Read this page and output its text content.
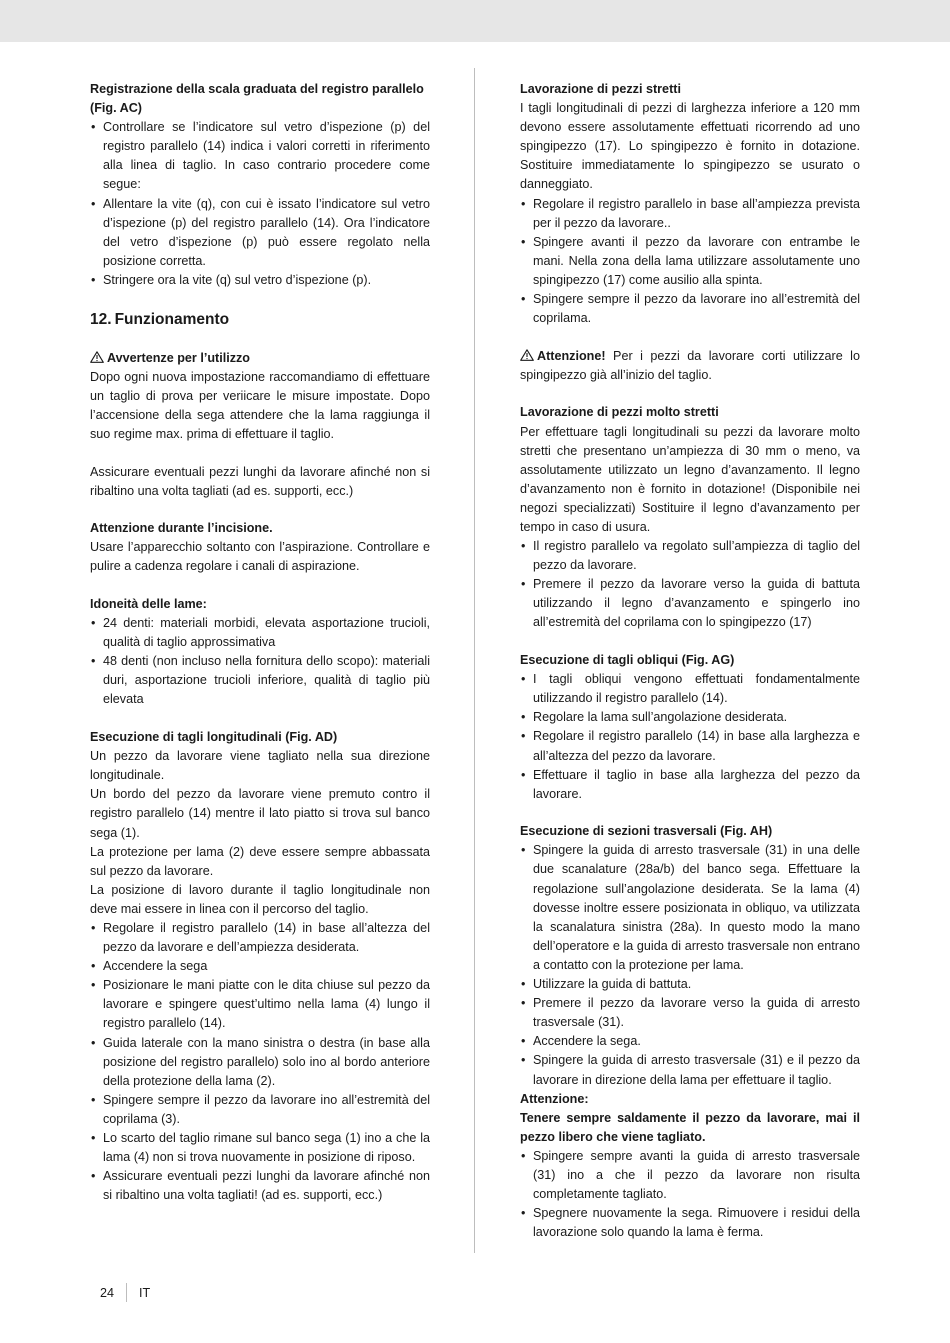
Registrazione della scala graduata del registro parallelo (Fig. AC)
• Controllare se l’indicatore sul vetro d’ispezione (p) del registro parallelo (14) indica i valori corretti in riferimento alla linea di taglio. In caso contrario procedere come segue:
• Allentare la vite (q), con cui è issato l’indicatore sul vetro d’ispezione (p) del registro parallelo (14). Ora l’indicatore del vetro d’ispezione (p) può essere regolato nella posizione corretta.
• Stringere ora la vite (q) sul vetro d’ispezione (p).
12. Funzionamento
Avvertenze per l’utilizzo

Dopo ogni nuova impostazione raccomandiamo di effettuare un taglio di prova per veriicare le misure impostate. Dopo l’accensione della sega attendere che la lama raggiunga il suo regime max. prima di effettuare il taglio.

Assicurare eventuali pezzi lunghi da lavorare afinché non si ribaltino una volta tagliati (ad es. supporti, ecc.)

Attenzione durante l’incisione.

Usare l’apparecchio soltanto con l’aspirazione. Controllare e pulire a cadenza regolare i canali di aspirazione.

Idoneità delle lame:
• 24 denti: materiali morbidi, elevata asportazione trucioli, qualità di taglio approssimativa
• 48 denti (non incluso nella fornitura dello scopo): materiali duri, asportazione trucioli inferiore, qualità di taglio più elevata
Esecuzione di tagli longitudinali (Fig. AD)

Un pezzo da lavorare viene tagliato nella sua direzione longitudinale.

Un bordo del pezzo da lavorare viene premuto contro il registro parallelo (14) mentre il lato piatto si trova sul banco sega (1).

La protezione per lama (2) deve essere sempre abbassata sul pezzo da lavorare.

La posizione di lavoro durante il taglio longitudinale non deve mai essere in linea con il percorso del taglio.

• Regolare il registro parallelo (14) in base all’altezza del pezzo da lavorare e dell’ampiezza desiderata.
• Accendere la sega
• Posizionare le mani piatte con le dita chiuse sul pezzo da lavorare e spingere quest’ultimo nella lama (4) lungo il registro parallelo (14).
• Guida laterale con la mano sinistra o destra (in base alla posizione del registro parallelo) solo ino al bordo anteriore della protezione della lama (2).
• Spingere sempre il pezzo da lavorare ino all’estremità del coprilama (3).
• Lo scarto del taglio rimane sul banco sega (1) ino a che la lama (4) non si trova nuovamente in posizione di riposo.
• Assicurare eventuali pezzi lunghi da lavorare afinché non si ribaltino una volta tagliati! (ad es. supporti, ecc.)
Lavorazione di pezzi stretti

I tagli longitudinali di pezzi di larghezza inferiore a 120 mm devono essere assolutamente effettuati ricorrendo ad uno spingipezzo (17). Lo spingipezzo è fornito in dotazione. Sostituire immediatamente lo spingipezzo se usurato o danneggiato.

• Regolare il registro parallelo in base all’ampiezza prevista per il pezzo da lavorare..
• Spingere avanti il pezzo da lavorare con entrambe le mani. Nella zona della lama utilizzare assolutamente uno spingipezzo (17) come ausilio alla spinta.
• Spingere sempre il pezzo da lavorare ino all’estremità del coprilama.

Attenzione! Per i pezzi da lavorare corti utilizzare lo spingipezzo già all’inizio del taglio.

Lavorazione di pezzi molto stretti

Per effettuare tagli longitudinali su pezzi da lavorare molto stretti che presentano un’ampiezza di 30 mm o meno, va assolutamente utilizzato un legno d’avanzamento. Il legno d’avanzamento non è fornito in dotazione! (Disponibile nei negozi specializzati) Sostituire il legno d’avanzamento per tempo in caso di usura.

• Il registro parallelo va regolato sull’ampiezza di taglio del pezzo da lavorare.
• Premere il pezzo da lavorare verso la guida di battuta utilizzando il legno d’avanzamento e spingerlo ino all’estremità del coprilama con lo spingipezzo (17)
Esecuzione di tagli obliqui (Fig. AG)
• I tagli obliqui vengono effettuati fondamentalmente utilizzando il registro parallelo (14).
• Regolare la lama sull’angolazione desiderata.
• Regolare il registro parallelo (14) in base alla larghezza e all’altezza del pezzo da lavorare.
• Effettuare il taglio in base alla larghezza del pezzo da lavorare.
Esecuzione di sezioni trasversali (Fig. AH)
• Spingere la guida di arresto trasversale (31) in una delle due scanalature (28a/b) del banco sega. Effettuare la regolazione sull’angolazione desiderata. Se la lama (4) dovesse inoltre essere posizionata in obliquo, va utilizzata la scanalatura sinistra (28a). In questo modo la mano dell’operatore e la guida di arresto trasversale non entrano a contatto con la protezione per lama.
• Utilizzare la guida di battuta.
• Premere il pezzo da lavorare verso la guida di arresto trasversale (31).
• Accendere la sega.
• Spingere la guida di arresto trasversale (31) e il pezzo da lavorare in direzione della lama per effettuare il taglio.
Attenzione:

Tenere sempre saldamente il pezzo da lavorare, mai il pezzo libero che viene tagliato.

• Spingere sempre avanti la guida di arresto trasversale (31) ino a che il pezzo da lavorare non risulta completamente tagliato.
• Spegnere nuovamente la sega. Rimuovere i residui della lavorazione solo quando la lama è ferma.
24	IT
